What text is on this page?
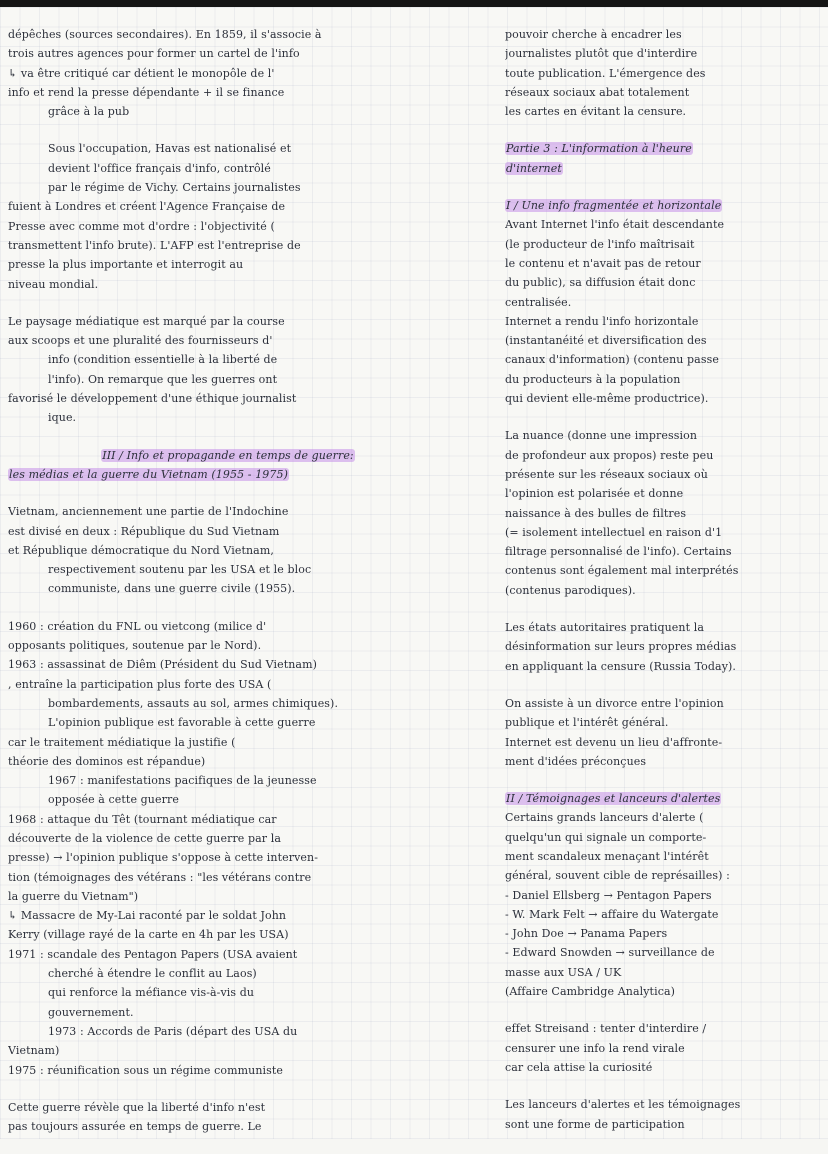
dépêches (sources secondaires). En 1859, il s'associe à
trois autres agences pour former un cartel de l'info
↳ va être critiqué car détient le monopôle de l'
info et rend la presse dépendante + il se finance
grâce à la pub
Sous l'occupation, Havas est nationalisé et
devient l'office français d'info, contrôlé
par le régime de Vichy. Certains journalistes
fuient à Londres et créent l'Agence Française de
Presse avec comme mot d'ordre : l'objectivité (
transmettent l'info brute). L'AFP est l'entreprise de
presse la plus importante et interrogit au
niveau mondial.
Le paysage médiatique est marqué par la course
aux scoops et une pluralité des fournisseurs d'
info (condition essentielle à la liberté de
l'info). On remarque que les guerres ont
favorisé le développement d'une éthique journalist
ique.
III / Info et propagande en temps de guerre:
les médias et la guerre du Vietnam (1955 - 1975)
Vietnam, anciennement une partie de l'Indochine
est divisé en deux : République du Sud Vietnam
et République démocratique du Nord Vietnam,
respectivement soutenu par les USA et le bloc
communiste, dans une guerre civile (1955).
1960 : création du FNL ou vietcong (milice d'
opposants politiques, soutenue par le Nord).
1963 : assassinat de Diêm (Président du Sud Vietnam)
, entraîne la participation plus forte des USA (
bombardements, assauts au sol, armes chimiques).
L'opinion publique est favorable à cette guerre
car le traitement médiatique la justifie (
théorie des dominos est répandue)
1967 : manifestations pacifiques de la jeunesse
opposée à cette guerre
1968 : attaque du Têt (tournant médiatique car
découverte de la violence de cette guerre par la
presse) → l'opinion publique s'oppose à cette interven-
tion (témoignages des vétérans : "les vétérans contre
la guerre du Vietnam")
↳ Massacre de My-Lai raconté par le soldat John
Kerry (village rayé de la carte en 4h par les USA)
1971 : scandale des Pentagon Papers (USA avaient
cherché à étendre le conflit au Laos)
qui renforce la méfiance vis-à-vis du
gouvernement.
1973 : Accords de Paris (départ des USA du
Vietnam)
1975 : réunification sous un régime communiste
Cette guerre révèle que la liberté d'info n'est
pas toujours assurée en temps de guerre. Le
pouvoir cherche à encadrer les
journalistes plutôt que d'interdire
toute publication. L'émergence des
réseaux sociaux abat totalement
les cartes en évitant la censure.
Partie 3 : L'information à l'heure
d'internet
I / Une info fragmentée et horizontale
Avant Internet l'info était descendante
(le producteur de l'info maîtrisait
le contenu et n'avait pas de retour
du public), sa diffusion était donc
centralisée.
Internet a rendu l'info horizontale
(instantanéité et diversification des
canaux d'information) (contenu passe
du producteurs à la population
qui devient elle-même productrice).
La nuance (donne une impression
de profondeur aux propos) reste peu
présente sur les réseaux sociaux où
l'opinion est polarisée et donne
naissance à des bulles de filtres
(= isolement intellectuel en raison d'1
filtrage personnalisé de l'info). Certains
contenus sont également mal interprétés
(contenus parodiques).
Les états autoritaires pratiquent la
désinformation sur leurs propres médias
en appliquant la censure (Russia Today).
On assiste à un divorce entre l'opinion
publique et l'intérêt général.
Internet est devenu un lieu d'affronte-
ment d'idées préconçues
II / Témoignages et lanceurs d'alertes
Certains grands lanceurs d'alerte (
quelqu'un qui signale un comporte-
ment scandaleux menaçant l'intérêt
général, souvent cible de représailles) :
- Daniel Ellsberg → Pentagon Papers
- W. Mark Felt → affaire du Watergate
- John Doe → Panama Papers
- Edward Snowden → surveillance de
masse aux USA / UK
(Affaire Cambridge Analytica)
effet Streisand : tenter d'interdire /
censurer une info la rend virale
car cela attise la curiosité
Les lanceurs d'alertes et les témoignages
sont une forme de participation
